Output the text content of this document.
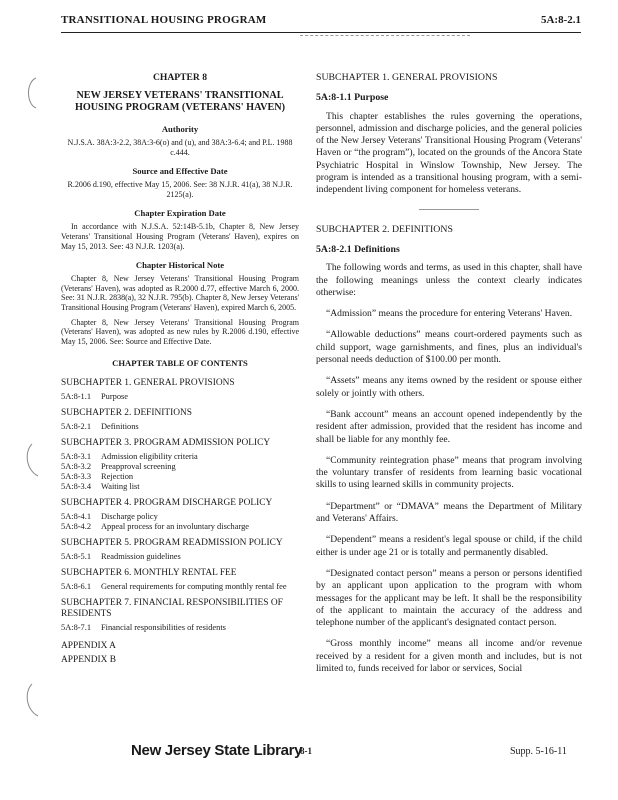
TRANSITIONAL HOUSING PROGRAM	5A:8-2.1
CHAPTER 8
NEW JERSEY VETERANS' TRANSITIONAL HOUSING PROGRAM (VETERANS' HAVEN)
Authority
N.J.S.A. 38A:3-2.2, 38A:3-6(o) and (u), and 38A:3-6.4; and P.L. 1988 c.444.
Source and Effective Date
R.2006 d.190, effective May 15, 2006. See: 38 N.J.R. 41(a), 38 N.J.R. 2125(a).
Chapter Expiration Date
In accordance with N.J.S.A. 52:14B-5.1b, Chapter 8, New Jersey Veterans' Transitional Housing Program (Veterans' Haven), expires on May 15, 2013. See: 43 N.J.R. 1203(a).
Chapter Historical Note
Chapter 8, New Jersey Veterans' Transitional Housing Program (Veterans' Haven), was adopted as R.2000 d.77, effective March 6, 2000. See: 31 N.J.R. 2838(a), 32 N.J.R. 795(b). Chapter 8, New Jersey Veterans' Transitional Housing Program (Veterans' Haven), expired March 6, 2005.
Chapter 8, New Jersey Veterans' Transitional Housing Program (Veterans' Haven), was adopted as new rules by R.2006 d.190, effective May 15, 2006. See: Source and Effective Date.
CHAPTER TABLE OF CONTENTS
SUBCHAPTER 1. GENERAL PROVISIONS
5A:8-1.1	Purpose
SUBCHAPTER 2. DEFINITIONS
5A:8-2.1	Definitions
SUBCHAPTER 3. PROGRAM ADMISSION POLICY
5A:8-3.1	Admission eligibility criteria
5A:8-3.2	Preapproval screening
5A:8-3.3	Rejection
5A:8-3.4	Waiting list
SUBCHAPTER 4. PROGRAM DISCHARGE POLICY
5A:8-4.1	Discharge policy
5A:8-4.2	Appeal process for an involuntary discharge
SUBCHAPTER 5. PROGRAM READMISSION POLICY
5A:8-5.1	Readmission guidelines
SUBCHAPTER 6. MONTHLY RENTAL FEE
5A:8-6.1	General requirements for computing monthly rental fee
SUBCHAPTER 7. FINANCIAL RESPONSIBILITIES OF RESIDENTS
5A:8-7.1	Financial responsibilities of residents
APPENDIX A
APPENDIX B
SUBCHAPTER 1. GENERAL PROVISIONS
5A:8-1.1 Purpose

This chapter establishes the rules governing the operations, personnel, admission and discharge policies, and the general policies of the New Jersey Veterans' Transitional Housing Program (Veterans' Haven or “the program”), located on the grounds of the Ancora State Psychiatric Hospital in Winslow Township, New Jersey. The program is intended as a transitional housing program, with a semi-independent living component for homeless veterans.

SUBCHAPTER 2. DEFINITIONS
5A:8-2.1 Definitions

The following words and terms, as used in this chapter, shall have the following meanings unless the context clearly indicates otherwise:

“Admission” means the procedure for entering Veterans' Haven.

“Allowable deductions” means court-ordered payments such as child support, wage garnishments, and fines, plus an individual's personal needs deduction of $100.00 per month.

“Assets” means any items owned by the resident or spouse either solely or jointly with others.

“Bank account” means an account opened independently by the resident after admission, provided that the resident has income and shall be liable for any monthly fee.

“Community reintegration phase” means that program involving the voluntary transfer of residents from learning basic vocational skills to using learned skills in community projects.

“Department” or “DMAVA” means the Department of Military and Veterans' Affairs.

“Dependent” means a resident's legal spouse or child, if the child either is under age 21 or is totally and permanently disabled.

“Designated contact person” means a person or persons identified by an applicant upon application to the program with whom messages for the applicant may be left. It shall be the responsibility of the applicant to maintain the accuracy of the address and telephone number of the applicant's designated contact person.

“Gross monthly income” means all income and/or revenue received by a resident for a given month and includes, but is not limited to, funds received for labor or services, Social

New Jersey State Library
8-1	Supp. 5-16-11
